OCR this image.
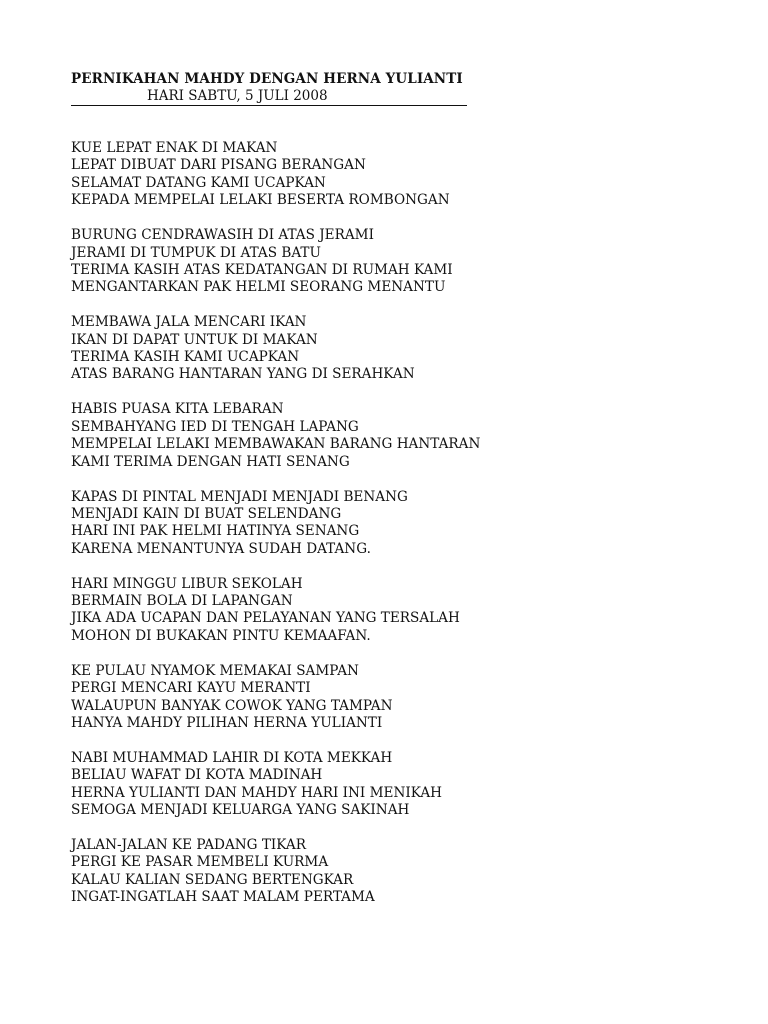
PERNIKAHAN MAHDY DENGAN HERNA YULIANTI
HARI SABTU, 5 JULI 2008
KUE LEPAT ENAK DI MAKAN
LEPAT DIBUAT DARI PISANG BERANGAN
SELAMAT DATANG KAMI UCAPKAN
KEPADA MEMPELAI LELAKI BESERTA ROMBONGAN
BURUNG CENDRAWASIH DI ATAS JERAMI
JERAMI DI TUMPUK DI ATAS BATU
TERIMA KASIH ATAS KEDATANGAN DI RUMAH KAMI
MENGANTARKAN PAK HELMI SEORANG MENANTU
MEMBAWA JALA MENCARI IKAN
IKAN DI DAPAT UNTUK DI MAKAN
TERIMA KASIH KAMI UCAPKAN
ATAS BARANG HANTARAN YANG DI SERAHKAN
HABIS PUASA KITA LEBARAN
SEMBAHYANG IED DI TENGAH LAPANG
MEMPELAI LELAKI MEMBAWAKAN BARANG HANTARAN
KAMI TERIMA DENGAN HATI SENANG
KAPAS DI PINTAL MENJADI MENJADI BENANG
MENJADI KAIN DI BUAT SELENDANG
HARI INI PAK HELMI HATINYA SENANG
KARENA MENANTUNYA SUDAH DATANG.
HARI MINGGU LIBUR SEKOLAH
BERMAIN BOLA DI LAPANGAN
JIKA ADA UCAPAN DAN PELAYANAN YANG TERSALAH
MOHON DI BUKAKAN PINTU KEMAAFAN.
KE PULAU NYAMOK MEMAKAI SAMPAN
PERGI MENCARI KAYU MERANTI
WALAUPUN BANYAK COWOK YANG TAMPAN
HANYA MAHDY PILIHAN HERNA YULIANTI
NABI MUHAMMAD LAHIR DI KOTA MEKKAH
BELIAU WAFAT DI KOTA MADINAH
HERNA YULIANTI DAN MAHDY HARI INI MENIKAH
SEMOGA MENJADI KELUARGA YANG SAKINAH
JALAN-JALAN KE PADANG TIKAR
PERGI KE PASAR MEMBELI KURMA
KALAU KALIAN SEDANG BERTENGKAR
INGAT-INGATLAH SAAT MALAM PERTAMA
